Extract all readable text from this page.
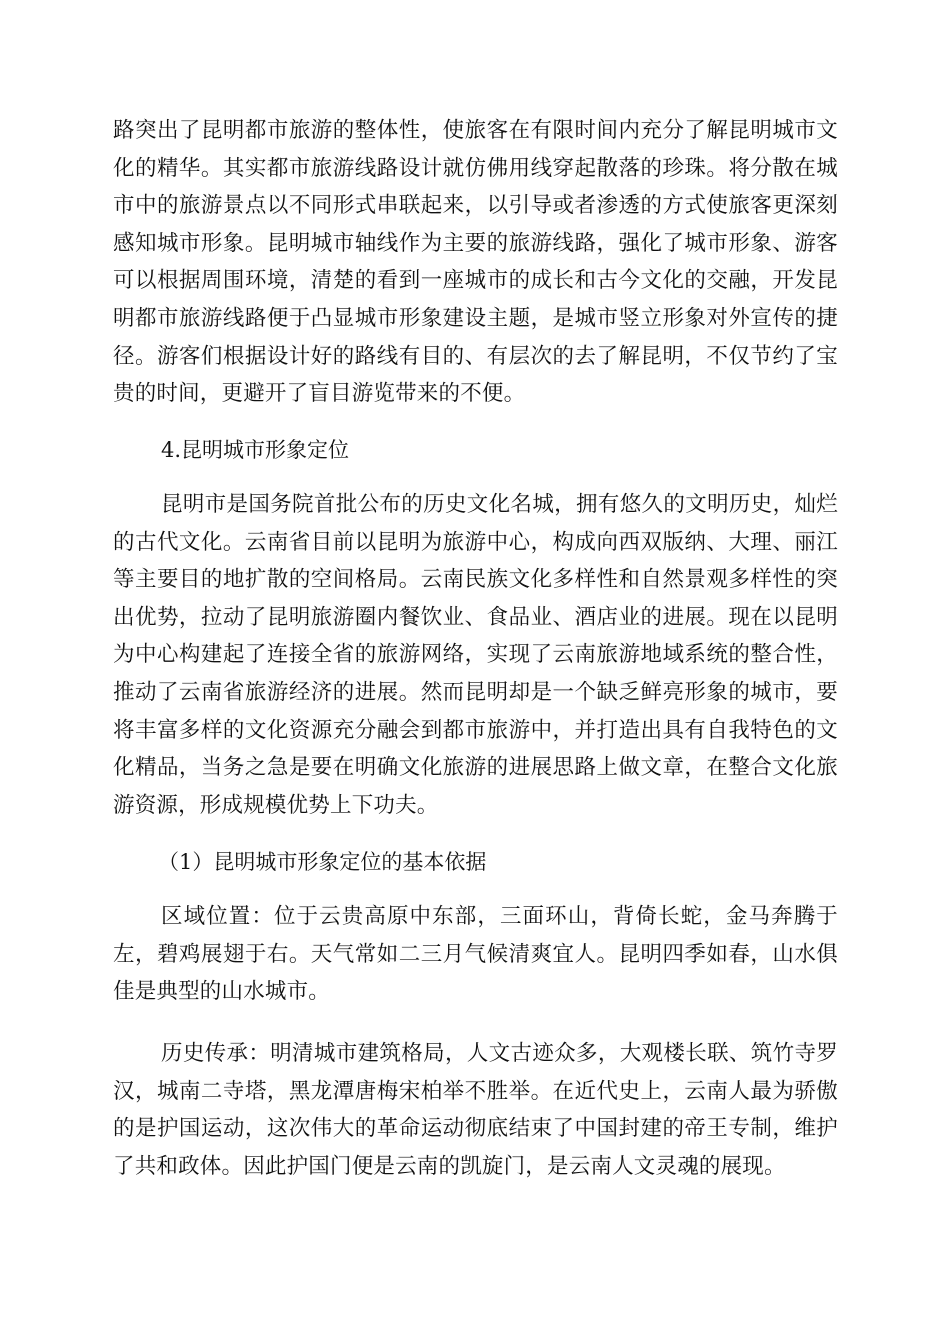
路突出了昆明都市旅游的整体性，使旅客在有限时间内充分了解昆明城市文化的精华。其实都市旅游线路设计就仿佛用线穿起散落的珍珠。将分散在城市中的旅游景点以不同形式串联起来，以引导或者渗透的方式使旅客更深刻感知城市形象。昆明城市轴线作为主要的旅游线路，强化了城市形象、游客可以根据周围环境，清楚的看到一座城市的成长和古今文化的交融，开发昆明都市旅游线路便于凸显城市形象建设主题，是城市竖立形象对外宣传的捷径。游客们根据设计好的路线有目的、有层次的去了解昆明，不仅节约了宝贵的时间，更避开了盲目游览带来的不便。

4.昆明城市形象定位

昆明市是国务院首批公布的历史文化名城，拥有悠久的文明历史，灿烂的古代文化。云南省目前以昆明为旅游中心，构成向西双版纳、大理、丽江等主要目的地扩散的空间格局。云南民族文化多样性和自然景观多样性的突出优势，拉动了昆明旅游圈内餐饮业、食品业、酒店业的进展。现在以昆明为中心构建起了连接全省的旅游网络，实现了云南旅游地域系统的整合性，推动了云南省旅游经济的进展。然而昆明却是一个缺乏鲜亮形象的城市，要将丰富多样的文化资源充分融会到都市旅游中，并打造出具有自我特色的文化精品，当务之急是要在明确文化旅游的进展思路上做文章，在整合文化旅游资源，形成规模优势上下功夫。

（1）昆明城市形象定位的基本依据

区域位置：位于云贵高原中东部，三面环山，背倚长蛇，金马奔腾于左，碧鸡展翅于右。天气常如二三月气候清爽宜人。昆明四季如春，山水俱佳是典型的山水城市。

历史传承：明清城市建筑格局，人文古迹众多，大观楼长联、筑竹寺罗汉，城南二寺塔，黑龙潭唐梅宋柏举不胜举。在近代史上，云南人最为骄傲的是护国运动，这次伟大的革命运动彻底结束了中国封建的帝王专制，维护了共和政体。因此护国门便是云南的凯旋门，是云南人文灵魂的展现。
